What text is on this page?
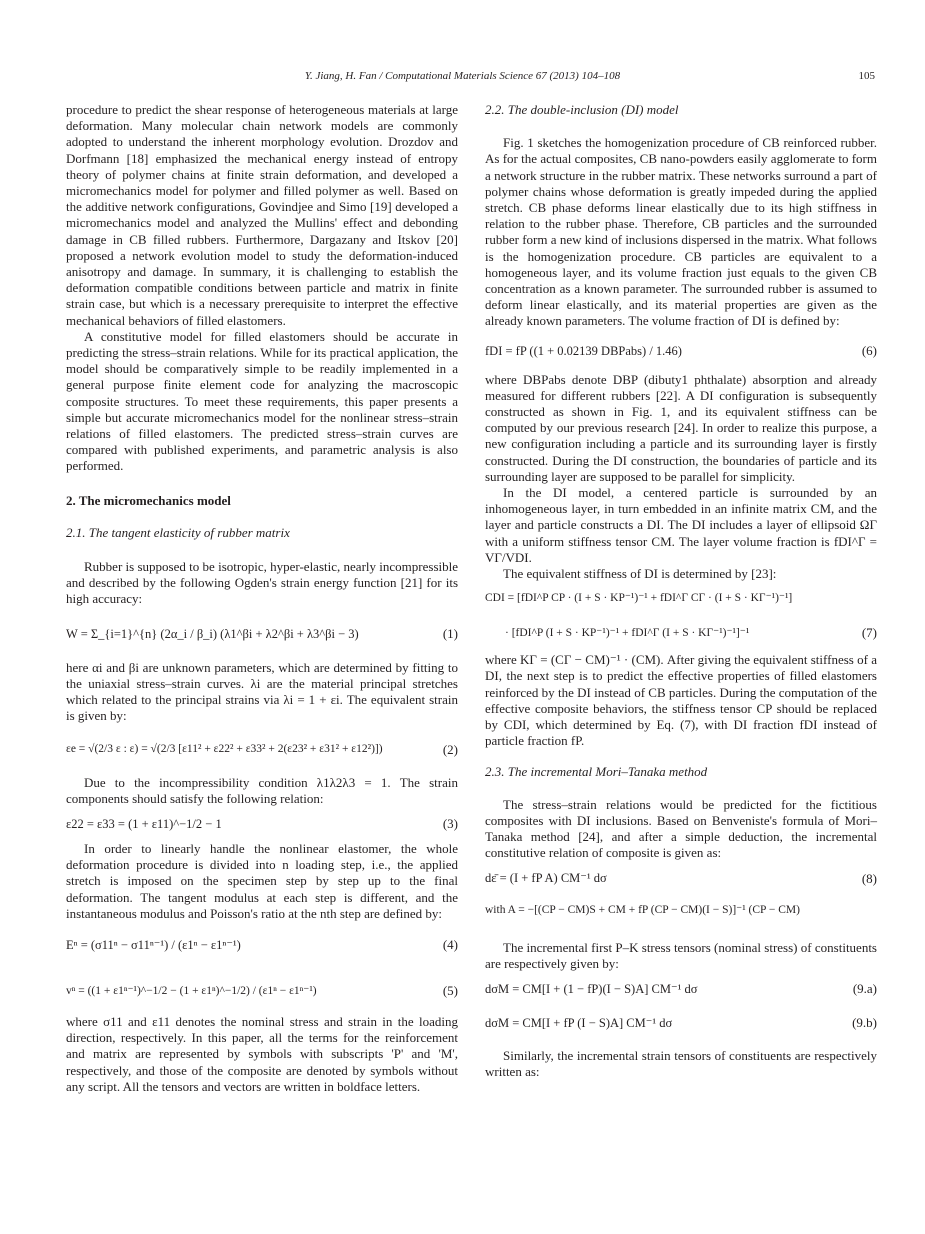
Y. Jiang, H. Fan / Computational Materials Science 67 (2013) 104–108	105

procedure to predict the shear response of heterogeneous materials at large deformation. Many molecular chain network models are commonly adopted to understand the inherent morphology evolution. Drozdov and Dorfmann [18] emphasized the mechanical energy instead of entropy theory of polymer chains at finite strain deformation, and developed a micromechanics model for polymer and filled polymer as well. Based on the additive network configurations, Govindjee and Simo [19] developed a micromechanics model and analyzed the Mullins' effect and debonding damage in CB filled rubbers. Furthermore, Dargazany and Itskov [20] proposed a network evolution model to study the deformation-induced anisotropy and damage. In summary, it is challenging to establish the deformation compatible conditions between particle and matrix in finite strain case, but which is a necessary prerequisite to interpret the effective mechanical behaviors of filled elastomers.

A constitutive model for filled elastomers should be accurate in predicting the stress–strain relations. While for its practical application, the model should be comparatively simple to be readily implemented in a general purpose finite element code for analyzing the macroscopic composite structures. To meet these requirements, this paper presents a simple but accurate micromechanics model for the nonlinear stress–strain relations of filled elastomers. The predicted stress–strain curves are compared with published experiments, and parametric analysis is also performed.

2. The micromechanics model

2.1. The tangent elasticity of rubber matrix

Rubber is supposed to be isotropic, hyper-elastic, nearly incompressible and described by the following Ogden's strain energy function [21] for its high accuracy:

W = Σ_{i=1}^{n} (2α_i / β_i) (λ1^βi + λ2^βi + λ3^βi − 3)	(1)

here αi and βi are unknown parameters, which are determined by fitting to the uniaxial stress–strain curves. λi are the material principal stretches which related to the principal strains via λi = 1 + εi. The equivalent strain is given by:

εe = √(2/3 ε : ε) = √(2/3 [ε11² + ε22² + ε33² + 2(ε23² + ε31² + ε12²)])	(2)

Due to the incompressibility condition λ1λ2λ3 = 1. The strain components should satisfy the following relation:

ε22 = ε33 = (1 + ε11)^−1/2 − 1	(3)

In order to linearly handle the nonlinear elastomer, the whole deformation procedure is divided into n loading step, i.e., the applied stretch is imposed on the specimen step by step up to the final deformation. The tangent modulus at each step is different, and the instantaneous modulus and Poisson's ratio at the nth step are defined by:

Eⁿ = (σ11ⁿ − σ11ⁿ⁻¹) / (ε1ⁿ − ε1ⁿ⁻¹)	(4)
vⁿ = ((1 + ε1ⁿ⁻¹)^−1/2 − (1 + ε1ⁿ)^−1/2) / (ε1ⁿ − ε1ⁿ⁻¹)	(5)

where σ11 and ε11 denotes the nominal stress and strain in the loading direction, respectively. In this paper, all the terms for the reinforcement and matrix are represented by symbols with subscripts 'P' and 'M', respectively, and those of the composite are denoted by symbols without any script. All the tensors and vectors are written in boldface letters.

2.2. The double-inclusion (DI) model

Fig. 1 sketches the homogenization procedure of CB reinforced rubber. As for the actual composites, CB nano-powders easily agglomerate to form a network structure in the rubber matrix. These networks surround a part of polymer chains whose deformation is greatly impeded during the applied stretch. CB phase deforms linear elastically due to its high stiffness in relation to the rubber phase. Therefore, CB particles and the surrounded rubber form a new kind of inclusions dispersed in the matrix. What follows is the homogenization procedure. CB particles are equivalent to a homogeneous layer, and its volume fraction just equals to the given CB concentration as a known parameter. The surrounded rubber is assumed to deform linear elastically, and its material properties are given as the already known parameters. The volume fraction of DI is defined by:

fDI = fP ((1 + 0.02139 DBPabs) / 1.46)	(6)

where DBPabs denote DBP (dibuty1 phthalate) absorption and already measured for different rubbers [22]. A DI configuration is subsequently constructed as shown in Fig. 1, and its equivalent stiffness can be computed by our previous research [24]. In order to realize this purpose, a new configuration including a particle and its surrounding layer is firstly constructed. During the DI construction, the boundaries of particle and its surrounding layer are supposed to be parallel for simplicity.

In the DI model, a centered particle is surrounded by an inhomogeneous layer, in turn embedded in an infinite matrix CM, and the layer and particle constructs a DI. The DI includes a layer of ellipsoid ΩΓ with a uniform stiffness tensor CM. The layer volume fraction is fDI^Γ = VΓ/VDI.

The equivalent stiffness of DI is determined by [23]:

CDI = [fDI^P CP · (I + S · KP⁻¹)⁻¹ + fDI^Γ CΓ · (I + S · KΓ⁻¹)⁻¹]
· [fDI^P (I + S · KP⁻¹)⁻¹ + fDI^Γ (I + S · KΓ⁻¹)⁻¹]⁻¹	(7)

where KΓ = (CΓ − CM)⁻¹ · (CM). After giving the equivalent stiffness of a DI, the next step is to predict the effective properties of filled elastomers reinforced by the DI instead of CB particles. During the computation of the effective composite behaviors, the stiffness tensor CP should be replaced by CDI, which determined by Eq. (7), with DI fraction fDI instead of particle fraction fP.

2.3. The incremental Mori–Tanaka method

The stress–strain relations would be predicted for the fictitious composites with DI inclusions. Based on Benveniste's formula of Mori–Tanaka method [24], and after a simple deduction, the incremental constitutive relation of composite is given as:

dε̄ = (I + fP A) CM⁻¹ dσ	(8)
with A = −[(CP − CM)S + CM + fP (CP − CM)(I − S)]⁻¹ (CP − CM)

The incremental first P–K stress tensors (nominal stress) of constituents are respectively given by:

dσM = CM[I + (1 − fP)(I − S)A] CM⁻¹ dσ	(9.a)
dσM = CM[I + fP (I − S)A] CM⁻¹ dσ	(9.b)

Similarly, the incremental strain tensors of constituents are respectively written as:
